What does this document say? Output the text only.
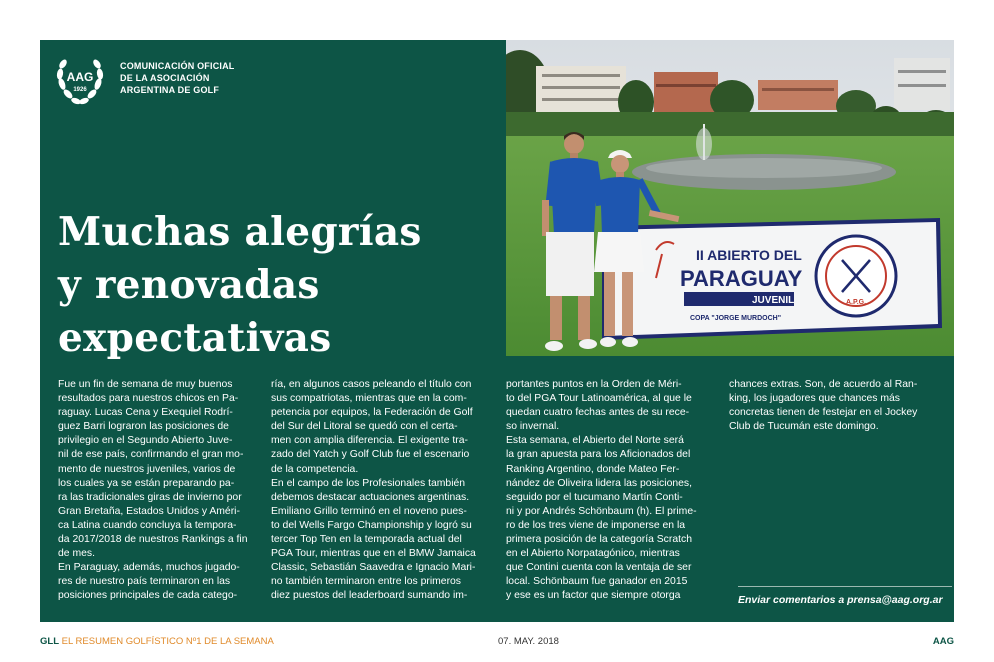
AAG
1926
COMUNICACIÓN OFICIAL
DE LA ASOCIACIÓN
ARGENTINA DE GOLF
Muchas alegrías
y renovadas
expectativas
II ABIERTO DEL
PARAGUAY
JUVENIL
COPA "JORGE MURDOCH"
A.P.G.

Fue un fin de semana de muy buenos

resultados para nuestros chicos en Pa-

raguay. Lucas Cena y Exequiel Rodrí-

guez Barri lograron las posiciones de

privilegio en el Segundo Abierto Juve-

nil de ese país, confirmando el gran mo-

mento de nuestros juveniles, varios de

los cuales ya se están preparando pa-

ra las tradicionales giras de invierno por

Gran Bretaña, Estados Unidos y Améri-

ca Latina cuando concluya la tempora-

da 2017/2018 de nuestros Rankings a fin

de mes.

En Paraguay, además, muchos jugado-

res de nuestro país terminaron en las

posiciones principales de cada catego-

ría, en algunos casos peleando el título con

sus compatriotas, mientras que en la com-

petencia por equipos, la Federación de Golf

del Sur del Litoral se quedó con el certa-

men con amplia diferencia. El exigente tra-

zado del Yatch y Golf Club fue el escenario

de la competencia.

En el campo de los Profesionales también

debemos destacar actuaciones argentinas.

Emiliano Grillo terminó en el noveno pues-

to del Wells Fargo Championship y logró su

tercer Top Ten en la temporada actual del

PGA Tour, mientras que en el BMW Jamaica

Classic, Sebastián Saavedra e Ignacio Mari-

no también terminaron entre los primeros

diez puestos del leaderboard sumando im-

portantes puntos en la Orden de Méri-

to del PGA Tour Latinoamérica, al que le

quedan cuatro fechas antes de su rece-

so invernal.

Esta semana, el Abierto del Norte será

la gran apuesta para los Aficionados del

Ranking Argentino, donde Mateo Fer-

nández de Oliveira lidera las posiciones,

seguido por el tucumano Martín Conti-

ni y por Andrés Schönbaum (h). El prime-

ro de los tres viene de imponerse en la

primera posición de la categoría Scratch

en el Abierto Norpatagónico, mientras

que Contini cuenta con la ventaja de ser

local. Schönbaum fue ganador en 2015

y ese es un factor que siempre otorga

chances extras. Son, de acuerdo al Ran-

king, los jugadores que chances más

concretas tienen de festejar en el Jockey

Club de Tucumán este domingo.

Enviar comentarios a prensa@aag.org.ar
GLL EL RESUMEN GOLFÍSTICO Nº1 DE LA SEMANA	07. MAY. 2018	AAG
